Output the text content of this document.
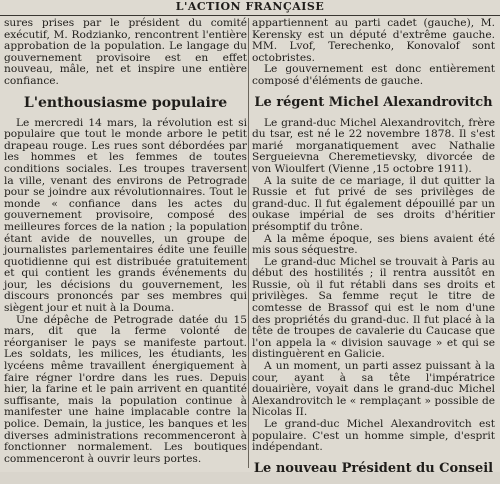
L'ACTION FRANÇAISE

sures prises par le président du comité exécutif, M. Rodzianko, rencontrent l'entière approbation de la population. Le langage du gouvernement provisoire est en effet nouveau, mâle, net et inspire une entière confiance.

L'enthousiasme populaire

Le mercredi 14 mars, la révolution est si populaire que tout le monde arbore le petit drapeau rouge. Les rues sont débordées par les hommes et les femmes de toutes conditions sociales. Les troupes traversent la ville, venant des environs de Petrograde pour se joindre aux révolutionnaires. Tout le monde « confiance dans les actes du gouvernement provisoire, composé des meilleures forces de la nation ; la population étant avide de nouvelles, un groupe de journalistes parlementaires édite une feuille quotidienne qui est distribuée gratuitement et qui contient les grands événements du jour, les décisions du gouvernement, les discours prononcés par ses membres qui siègent jour et nuit à la Douma.

Une dépêche de Petrograde datée du 15 mars, dit que la ferme volonté de réorganiser le pays se manifeste partout. Les soldats, les milices, les étudiants, les lycéens même travaillent énergiquement à faire régner l'ordre dans les rues. Depuis hier, la farine et le pain arrivent en quantité suffisante, mais la population continue à manifester une haine implacable contre la police. Demain, la justice, les banques et les diverses administrations recommenceront à fonctionner normalement. Les boutiques commenceront à ouvrir leurs portes.

appartiennent au parti cadet (gauche), M. Kerensky est un député d'extrême gauche. MM. Lvof, Terechenko, Konovalof sont octobristes.

Le gouvernement est donc entièrement composé d'éléments de gauche.

Le régent Michel Alexandrovitch

Le grand-duc Michel Alexandrovitch, frère du tsar, est né le 22 novembre 1878. Il s'est marié morganatiquement avec Nathalie Sergueievna Cheremetievsky, divorcée de von Wioulfert (Vienne ,15 octobre 1911).

A la suite de ce mariage, il dut quitter la Russie et fut privé de ses privilèges de grand-duc. Il fut également dépouillé par un oukase impérial de ses droits d'héritier présomptif du trône.

A la même époque, ses biens avaient été mis sous séquestre.

Le grand-duc Michel se trouvait à Paris au début des hostilités ; il rentra aussitôt en Russie, où il fut rétabli dans ses droits et privilèges. Sa femme reçut le titre de comtesse de Brassof qui est le nom d'une des propriétés du grand-duc. Il fut placé à la tête de troupes de cavalerie du Caucase que l'on appela la « division sauvage » et qui se distinguèrent en Galicie.

A un moment, un parti assez puissant à la cour, ayant à sa tête l'impératrice douairière, voyait dans le grand-duc Michel Alexandrovitch le « remplaçant » possible de Nicolas II.

Le grand-duc Michel Alexandrovitch est populaire. C'est un homme simple, d'esprit indépendant.

Le nouveau Président du Conseil
